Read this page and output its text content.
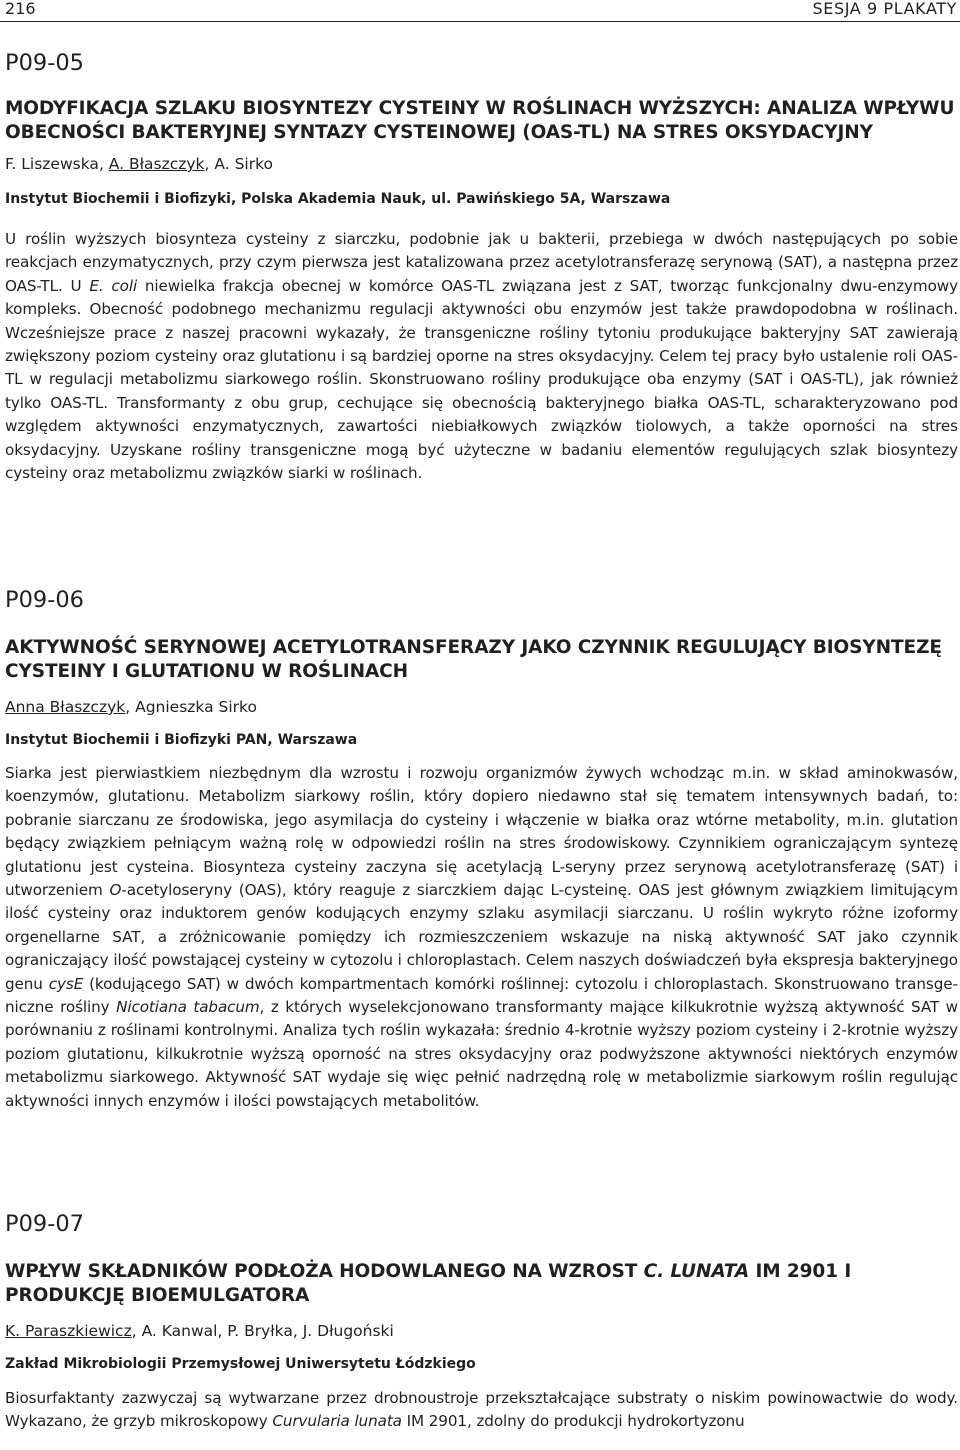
216	SESJA 9 PLAKATY

P09-05

MODYFIKACJA SZLAKU BIOSYNTEZY CYSTEINY W ROŚLINACH WYŻSZYCH: ANALIZA WPŁYWU OBECNOŚCI BAKTERYJNEJ SYNTAZY CYSTEINOWEJ (OAS-TL) NA STRES OKSYDACYJNY

F. Liszewska, A. Błaszczyk, A. Sirko

Instytut Biochemii i Biofizyki, Polska Akademia Nauk, ul. Pawińskiego 5A, Warszawa

U roślin wyższych biosynteza cysteiny z siarczku, podobnie jak u bakterii, przebiega w dwóch następujących po sobie reakcjach enzymatycznych, przy czym pierwsza jest katalizowana przez acetylotransferazę serynową (SAT), a następna przez OAS-TL. U E. coli niewielka frakcja obecnej w komórce OAS-TL związana jest z SAT, tworząc funkcjonalny dwu-enzymowy kompleks. Obecność podobnego mechanizmu regulacji aktywności obu enzymów jest także prawdopodobna w roślinach. Wcześniejsze prace z naszej pracowni wykazały, że transgeniczne rośliny tytoniu produkujące bakteryjny SAT zawierają zwiększony poziom cysteiny oraz glutationu i są bardziej oporne na stres oksydacyjny. Celem tej pracy było ustalenie roli OAS-TL w regulacji metabolizmu siarkowego roślin. Skonstruowano rośliny produkujące oba enzymy (SAT i OAS-TL), jak również tylko OAS-TL. Transformanty z obu grup, cechujące się obecnością bakteryjnego białka OAS-TL, scharakteryzowano pod względem aktywności enzymatycznych, zawartości niebiałkowych związków tiolowych, a także oporności na stres oksydacyjny. Uzyskane rośliny transgeniczne mogą być użyteczne w badaniu elementów regulujących szlak biosyntezy cysteiny oraz metabolizmu związków siarki w roślinach.

P09-06

AKTYWNOŚĆ SERYNOWEJ ACETYLOTRANSFERAZY JAKO CZYNNIK REGULUJĄCY BIOSYNTEZĘ CYSTEINY I GLUTATIONU W ROŚLINACH

Anna Błaszczyk, Agnieszka Sirko

Instytut Biochemii i Biofizyki PAN, Warszawa

Siarka jest pierwiastkiem niezbędnym dla wzrostu i rozwoju organizmów żywych wchodząc m.in. w skład aminokwasów, koenzymów, glutationu. Metabolizm siarkowy roślin, który dopiero niedawno stał się tematem intensywnych badań, to: pobranie siarczanu ze środowiska, jego asymilacja do cysteiny i włączenie w białka oraz wtórne metabolity, m.in. glutation będący związkiem pełniącym ważną rolę w odpowiedzi roślin na stres środowiskowy. Czynnikiem ograniczającym syntezę glutationu jest cysteina. Biosynteza cysteiny zaczyna się acetylacją L-seryny przez serynową acetylotransferazę (SAT) i utworzeniem O-acetyloseryny (OAS), który reaguje z siarczkiem dając L-cysteinę. OAS jest głównym związkiem limitującym ilość cysteiny oraz induktorem genów kodujących enzymy szlaku asymilacji siarczanu. U roślin wykryto różne izoformy orgenellarne SAT, a zróżnicowanie pomiędzy ich rozmieszczeniem wskazuje na niską aktywność SAT jako czynnik ograniczający ilość powstającej cysteiny w cytozolu i chloroplastach. Celem naszych doświadczeń była ekspresja bakteryjnego genu cysE (kodującego SAT) w dwóch kompartmentach komórki roślinnej: cytozolu i chloroplastach. Skonstruowano transgeniczne rośliny Nicotiana tabacum, z których wyselekcjonowano transformanty mające kilkukrotnie wyższą aktywność SAT w porównaniu z roślinami kontrolnymi. Analiza tych roślin wykazała: średnio 4-krotnie wyższy poziom cysteiny i 2-krotnie wyższy poziom glutationu, kilkukrotnie wyższą oporność na stres oksydacyjny oraz podwyższone aktywności niektórych enzymów metabolizmu siarkowego. Aktywność SAT wydaje się więc pełnić nadrzędną rolę w metabolizmie siarkowym roślin regulując aktywności innych enzymów i ilości powstających metabolitów.

P09-07

WPŁYW SKŁADNIKÓW PODŁOŻA HODOWLANEGO NA WZROST C. LUNATA IM 2901 I PRODUKCJĘ BIOEMULGATORA

K. Paraszkiewicz, A. Kanwal, P. Bryłka, J. Długoński

Zakład Mikrobiologii Przemysłowej Uniwersytetu Łódzkiego

Biosurfaktanty zazwyczaj są wytwarzane przez drobnoustroje przekształcające substraty o niskim powinowactwie do wody. Wykazano, że grzyb mikroskopowy Curvularia lunata IM 2901, zdolny do produkcji hydrokortyzonu
